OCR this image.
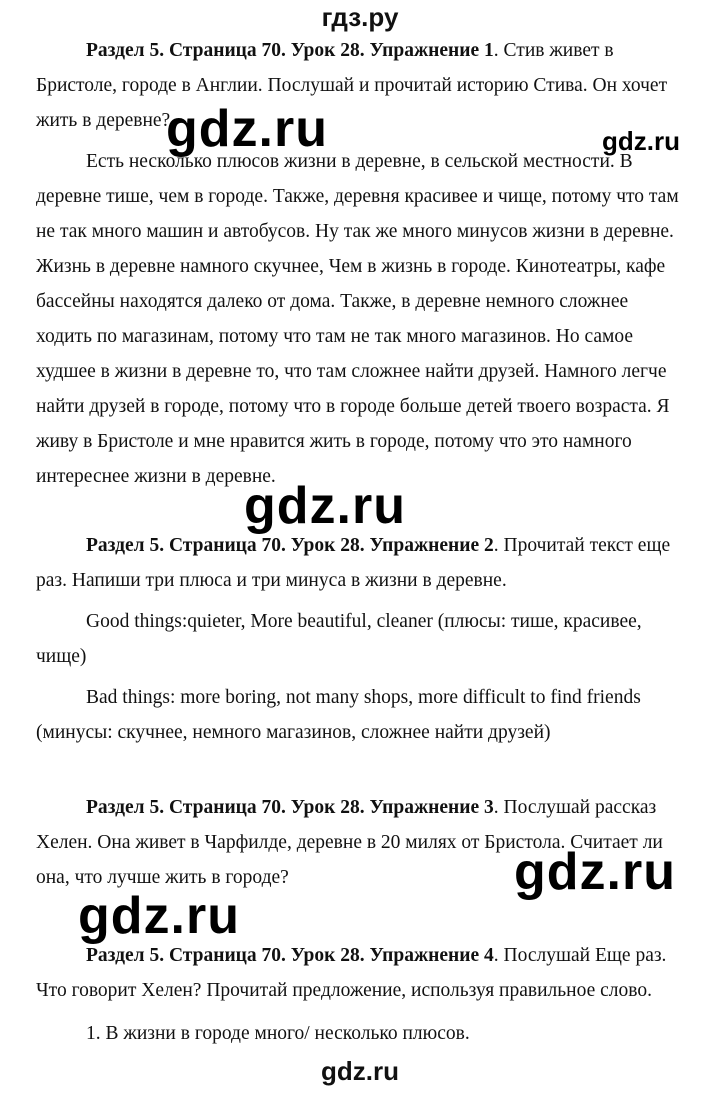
гдз.ру
Раздел 5. Страница 70. Урок 28. Упражнение 1. Стив живет в
Бристоле, городе в Англии. Послушай и прочитай историю Стива. Он хочет
жить в деревне?
Есть несколько плюсов жизни в деревне, в сельской местности. В
деревне тише, чем в городе. Также, деревня красивее и чище, потому что там
не так много машин и автобусов. Ну так же много минусов жизни в деревне.
Жизнь в деревне намного скучнее, Чем в жизнь в городе. Кинотеатры, кафе
бассейны находятся далеко от дома. Также, в деревне немного сложнее
ходить по магазинам, потому что там не так много магазинов. Но самое
худшее в жизни в деревне то, что там сложнее найти друзей. Намного легче
найти друзей в городе, потому что в городе больше детей твоего возраста. Я
живу в Бристоле и мне нравится жить в городе, потому что это намного
интереснее жизни в деревне.
Раздел 5. Страница 70. Урок 28. Упражнение 2. Прочитай текст еще
раз. Напиши три плюса и три минуса в жизни в деревне.
Good things:quieter, More beautiful, cleaner (плюсы: тише, красивее,
чище)
Bad things: more boring, not many shops, more difficult to find friends
(минусы: скучнее, немного магазинов, сложнее найти друзей)
Раздел 5. Страница 70. Урок 28. Упражнение 3. Послушай рассказ
Хелен. Она живет в Чарфилде, деревне в 20 милях от Бристола. Считает ли
она, что лучше жить в городе?
Раздел 5. Страница 70. Урок 28. Упражнение 4. Послушай Еще раз.
Что говорит Хелен? Прочитай предложение, используя правильное слово.
1. В жизни в городе много/ несколько плюсов.
gdz.ru	gdz.ru
gdz.ru
gdz.ru
gdz.ru
gdz.ru
